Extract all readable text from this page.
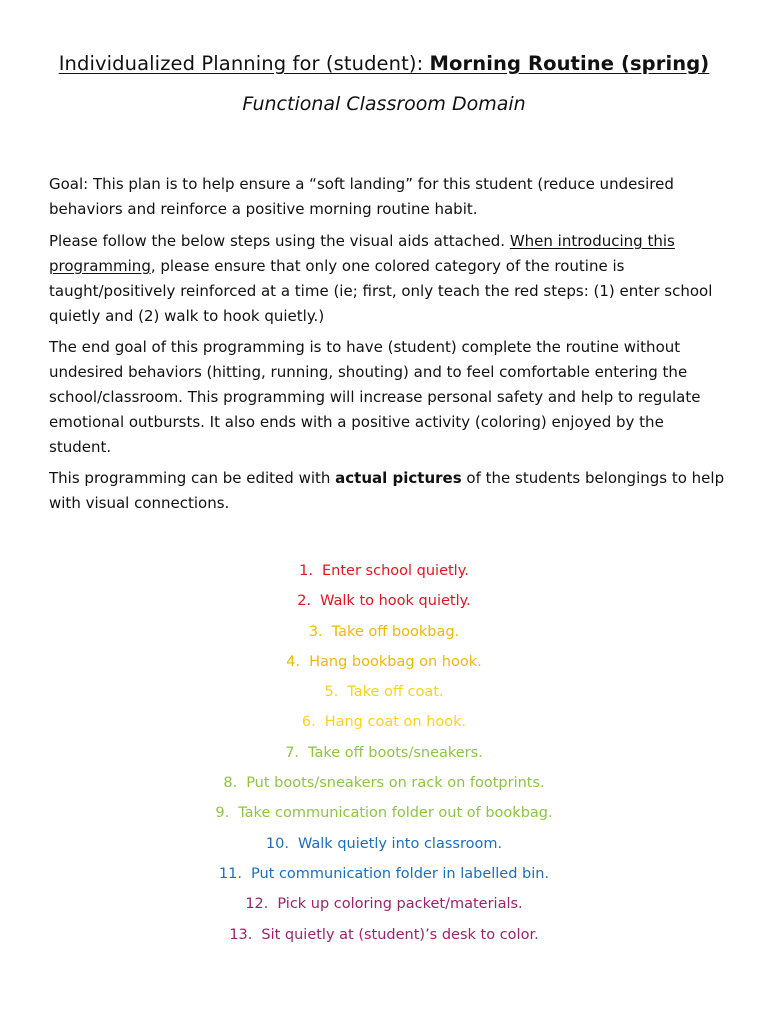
Individualized Planning for (student): Morning Routine (spring)
Functional Classroom Domain

Goal: This plan is to help ensure a “soft landing” for this student (reduce undesired behaviors and reinforce a positive morning routine habit.

Please follow the below steps using the visual aids attached. When introducing this programming, please ensure that only one colored category of the routine is taught/positively reinforced at a time (ie; first, only teach the red steps: (1) enter school quietly and (2) walk to hook quietly.)

The end goal of this programming is to have (student) complete the routine without undesired behaviors (hitting, running, shouting) and to feel comfortable entering the school/classroom. This programming will increase personal safety and help to regulate emotional outbursts. It also ends with a positive activity (coloring) enjoyed by the student.

This programming can be edited with actual pictures of the students belongings to help with visual connections.

1. Enter school quietly.
2. Walk to hook quietly.
3. Take off bookbag.
4. Hang bookbag on hook.
5. Take off coat.
6. Hang coat on hook.
7. Take off boots/sneakers.
8. Put boots/sneakers on rack on footprints.
9. Take communication folder out of bookbag.
10. Walk quietly into classroom.
11. Put communication folder in labelled bin.
12. Pick up coloring packet/materials.
13. Sit quietly at (student)’s desk to color.
